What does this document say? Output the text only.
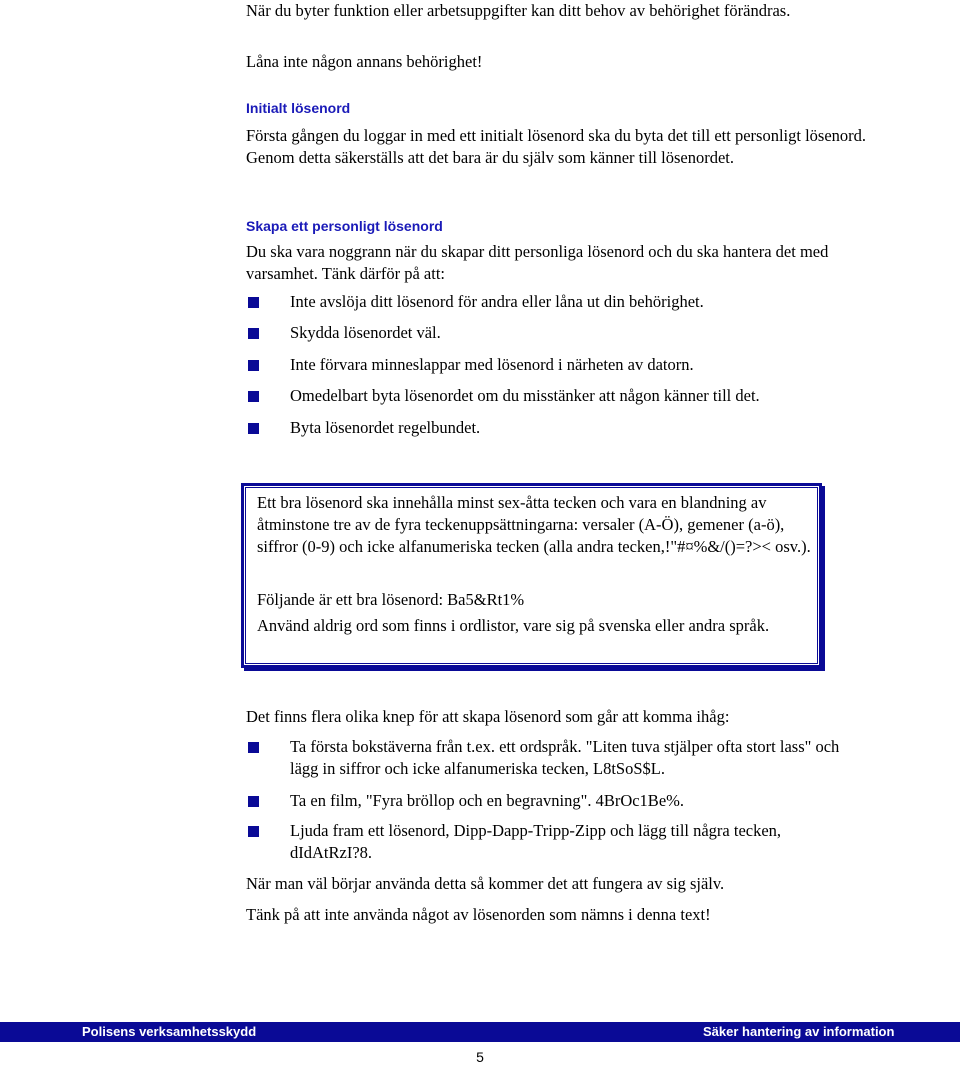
När du byter funktion eller arbetsuppgifter kan ditt behov av behörighet förändras.

Låna inte någon annans behörighet!

Initialt lösenord

Första gången du loggar in med ett initialt lösenord ska du byta det till ett personligt lösenord. Genom detta säkerställs att det bara är du själv som känner till lösenordet.

Skapa ett personligt lösenord

Du ska vara noggrann när du skapar ditt personliga lösenord och du ska hantera det med varsamhet. Tänk därför på att:

Inte avslöja ditt lösenord för andra eller låna ut din behörighet.

Skydda lösenordet väl.

Inte förvara minneslappar med lösenord i närheten av datorn.

Omedelbart byta lösenordet om du misstänker att någon känner till det.

Byta lösenordet regelbundet.

Ett bra lösenord ska innehålla minst sex-åtta tecken och vara en blandning av åtminstone tre av de fyra teckenuppsättningarna: versaler (A-Ö), gemener (a-ö), siffror (0-9) och icke alfanumeriska tecken (alla andra tecken,!"#¤%&/()=?>< osv.).

Följande är ett bra lösenord: Ba5&Rt1%

Använd aldrig ord som finns i ordlistor, vare sig på svenska eller andra språk.

Det finns flera olika knep för att skapa lösenord som går att komma ihåg:

Ta första bokstäverna från t.ex. ett ordspråk. "Liten tuva stjälper ofta stort lass" och lägg in siffror och icke alfanumeriska tecken, L8tSoS$L.

Ta en film, "Fyra bröllop och en begravning". 4BrOc1Be%.

Ljuda fram ett lösenord, Dipp-Dapp-Tripp-Zipp och lägg till några tecken, dIdAtRzI?8.

När man väl börjar använda detta så kommer det att fungera av sig själv.

Tänk på att inte använda något av lösenorden som nämns i denna text!

Polisens verksamhetsskydd	Säker hantering av information
5
